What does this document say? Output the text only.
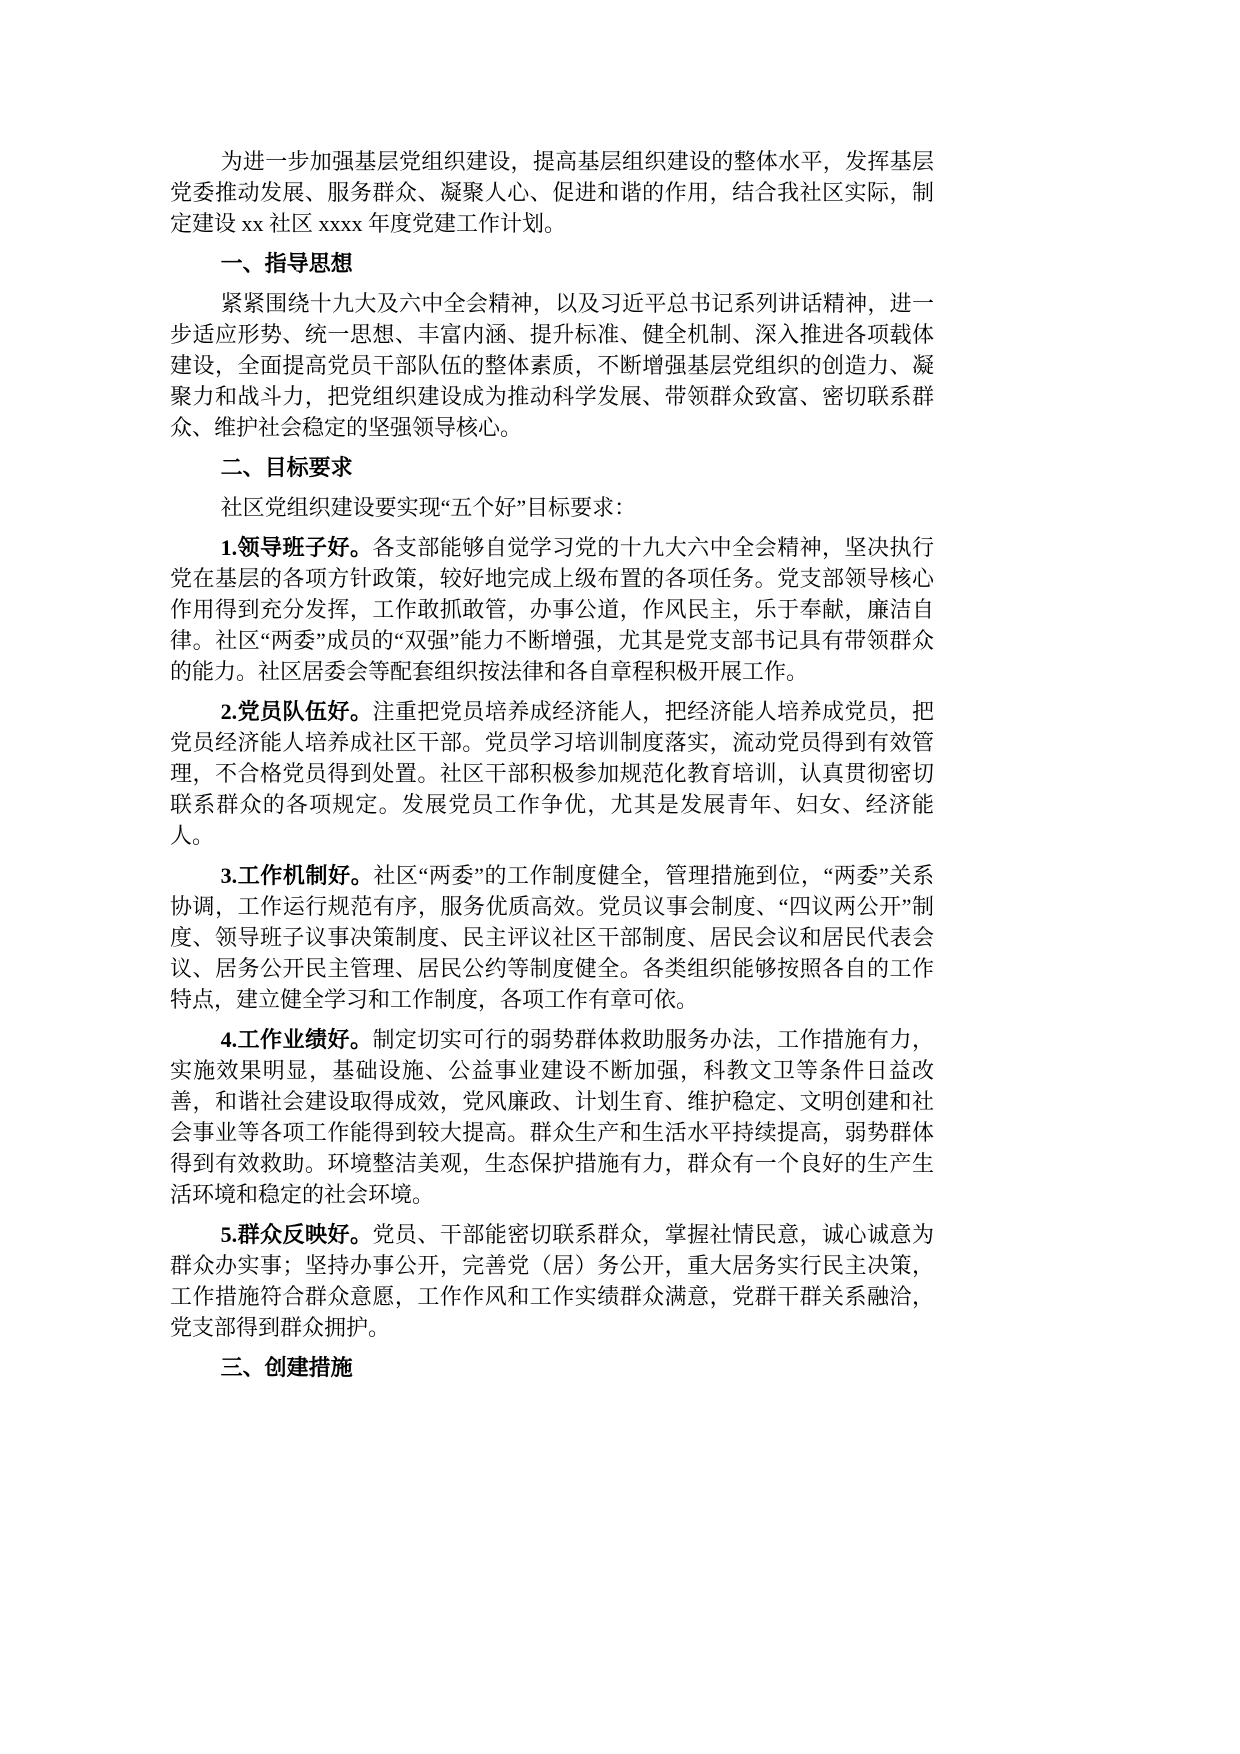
为进一步加强基层党组织建设，提高基层组织建设的整体水平，发挥基层党委推动发展、服务群众、凝聚人心、促进和谐的作用，结合我社区实际，制定建设 xx 社区 xxxx 年度党建工作计划。

一、指导思想

紧紧围绕十九大及六中全会精神，以及习近平总书记系列讲话精神，进一步适应形势、统一思想、丰富内涵、提升标准、健全机制、深入推进各项载体建设，全面提高党员干部队伍的整体素质，不断增强基层党组织的创造力、凝聚力和战斗力，把党组织建设成为推动科学发展、带领群众致富、密切联系群众、维护社会稳定的坚强领导核心。

二、目标要求

社区党组织建设要实现“五个好”目标要求：

1.领导班子好。各支部能够自觉学习党的十九大六中全会精神，坚决执行党在基层的各项方针政策，较好地完成上级布置的各项任务。党支部领导核心作用得到充分发挥，工作敢抓敢管，办事公道，作风民主，乐于奉献，廉洁自律。社区“两委”成员的“双强”能力不断增强，尤其是党支部书记具有带领群众的能力。社区居委会等配套组织按法律和各自章程积极开展工作。

2.党员队伍好。注重把党员培养成经济能人，把经济能人培养成党员，把党员经济能人培养成社区干部。党员学习培训制度落实，流动党员得到有效管理，不合格党员得到处置。社区干部积极参加规范化教育培训，认真贯彻密切联系群众的各项规定。发展党员工作争优，尤其是发展青年、妇女、经济能人。

3.工作机制好。社区“两委”的工作制度健全，管理措施到位，“两委”关系协调，工作运行规范有序，服务优质高效。党员议事会制度、“四议两公开”制度、领导班子议事决策制度、民主评议社区干部制度、居民会议和居民代表会议、居务公开民主管理、居民公约等制度健全。各类组织能够按照各自的工作特点，建立健全学习和工作制度，各项工作有章可依。

4.工作业绩好。制定切实可行的弱势群体救助服务办法，工作措施有力，实施效果明显，基础设施、公益事业建设不断加强，科教文卫等条件日益改善，和谐社会建设取得成效，党风廉政、计划生育、维护稳定、文明创建和社会事业等各项工作能得到较大提高。群众生产和生活水平持续提高，弱势群体得到有效救助。环境整洁美观，生态保护措施有力，群众有一个良好的生产生活环境和稳定的社会环境。

5.群众反映好。党员、干部能密切联系群众，掌握社情民意，诚心诚意为群众办实事；坚持办事公开，完善党（居）务公开，重大居务实行民主决策，工作措施符合群众意愿，工作作风和工作实绩群众满意，党群干群关系融洽，党支部得到群众拥护。

三、创建措施
